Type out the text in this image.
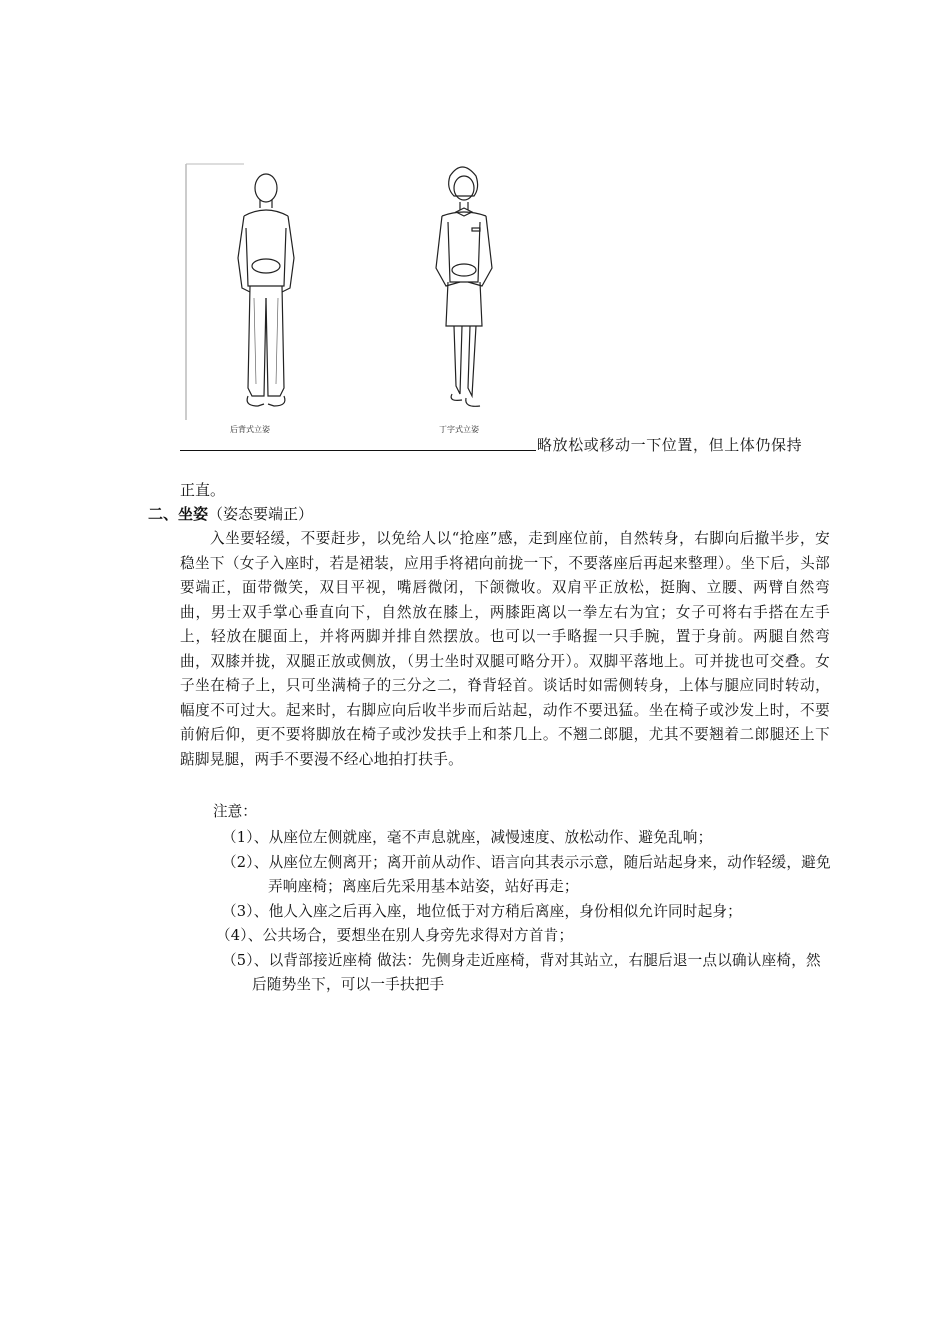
后背式立姿	丁字式立姿
略放松或移动一下位置，但上体仍保持
正直。
二、坐姿（姿态要端正）
入坐要轻缓，不要赶步，以免给人以“抢座”感，走到座位前，自然转身，右脚向后撤半步，安稳坐下（女子入座时，若是裙装，应用手将裙向前拢一下，不要落座后再起来整理）。坐下后，头部要端正，面带微笑，双目平视，嘴唇微闭，下颌微收。双肩平正放松，挺胸、立腰、两臂自然弯曲，男士双手掌心垂直向下，自然放在膝上，两膝距离以一拳左右为宜；女子可将右手搭在左手上，轻放在腿面上，并将两脚并排自然摆放。也可以一手略握一只手腕，置于身前。两腿自然弯曲，双膝并拢，双腿正放或侧放，（男士坐时双腿可略分开）。双脚平落地上。可并拢也可交叠。女子坐在椅子上，只可坐满椅子的三分之二，脊背轻首。谈话时如需侧转身，上体与腿应同时转动，幅度不可过大。起来时，右脚应向后收半步而后站起，动作不要迅猛。坐在椅子或沙发上时，不要前俯后仰，更不要将脚放在椅子或沙发扶手上和茶几上。不翘二郎腿，尤其不要翘着二郎腿还上下踮脚晃腿，两手不要漫不经心地拍打扶手。
注意：
（1）、从座位左侧就座，毫不声息就座，减慢速度、放松动作、避免乱响；
（2）、从座位左侧离开；离开前从动作、语言向其表示示意，随后站起身来，动作轻缓，避免弄响座椅；离座后先采用基本站姿，站好再走；
（3）、他人入座之后再入座，地位低于对方稍后离座，身份相似允许同时起身；
（4）、公共场合，要想坐在别人身旁先求得对方首肯；
（5）、以背部接近座椅 做法：先侧身走近座椅，背对其站立，右腿后退一点以确认座椅，然后随势坐下，可以一手扶把手
